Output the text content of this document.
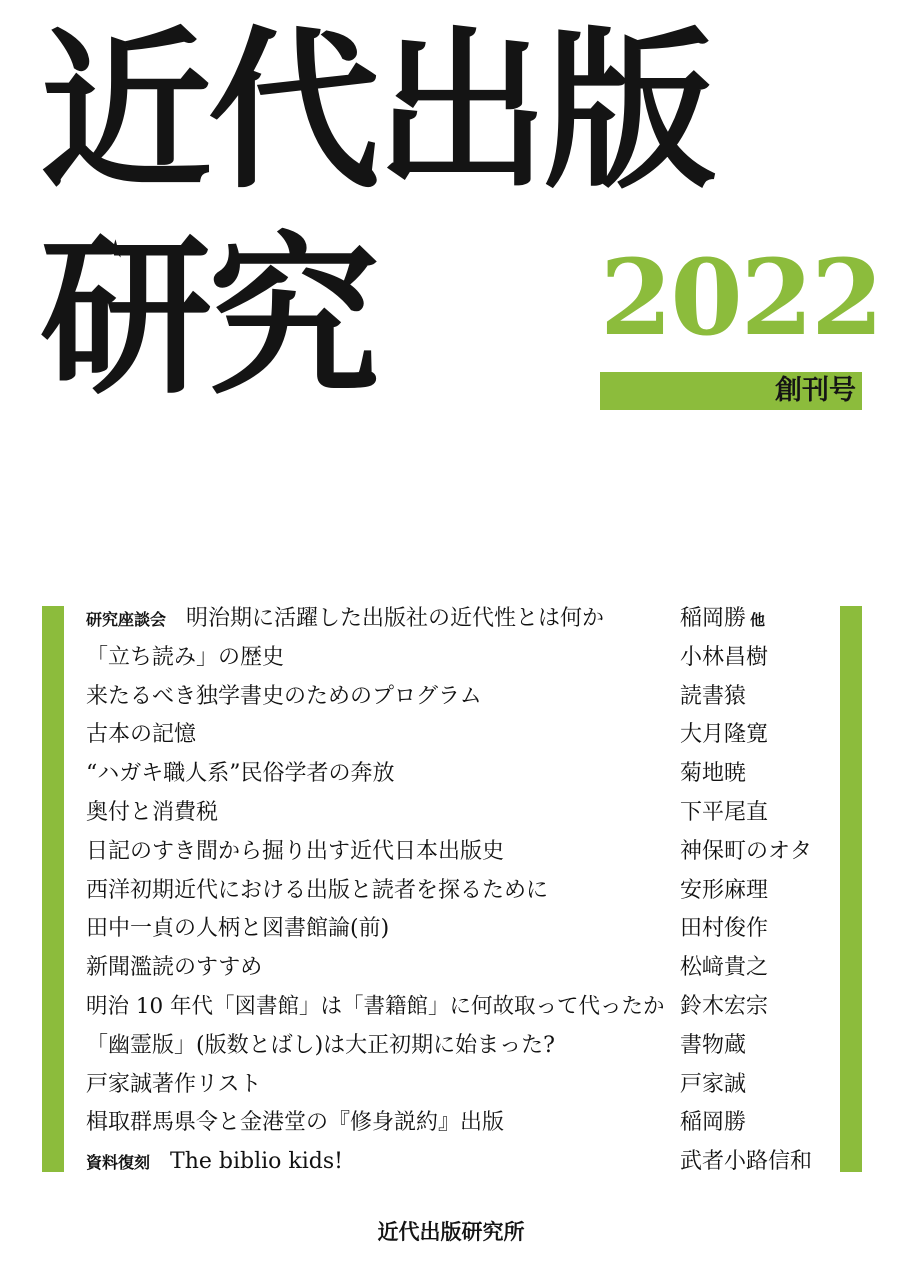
近代出版
研究 2022
創刊号
研究座談会 明治期に活躍した出版社の近代性とは何か	稲岡勝 他
「立ち読み」の歴史	小林昌樹
来たるべき独学書史のためのプログラム	読書猿
古本の記憶	大月隆寛
“ハガキ職人系”民俗学者の奔放	菊地暁
奥付と消費税	下平尾直
日記のすき間から掘り出す近代日本出版史	神保町のオタ
西洋初期近代における出版と読者を探るために	安形麻理
田中一貞の人柄と図書館論(前)	田村俊作
新聞濫読のすすめ	松﨑貴之
明治 10 年代「図書館」は「書籍館」に何故取って代ったか 鈴木宏宗
「幽霊版」(版数とばし)は大正初期に始まった?	書物蔵
戸家誠著作リスト	戸家誠
楫取群馬県令と金港堂の『修身説約』出版	稲岡勝
資料復刻 The biblio kids!	武者小路信和
近代出版研究所
